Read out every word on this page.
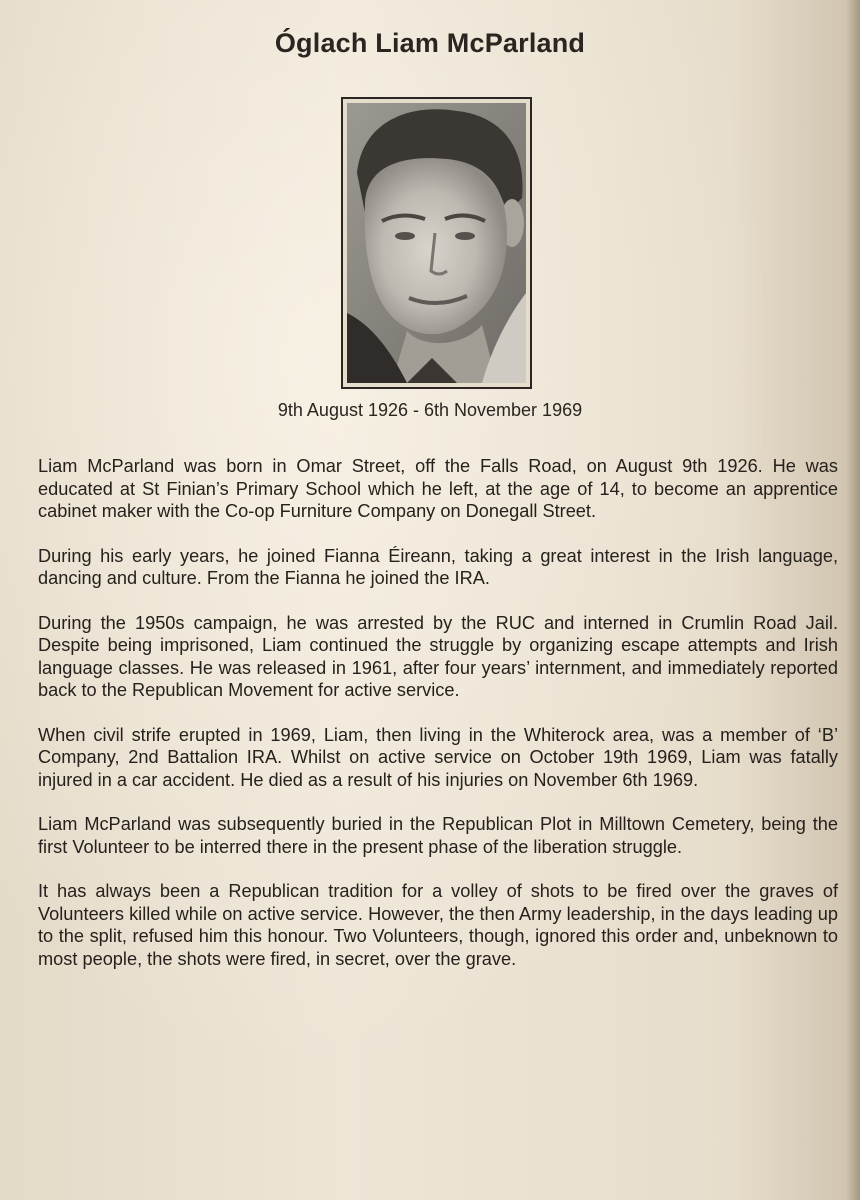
Óglach Liam McParland
9th August 1926 - 6th November 1969

Liam McParland was born in Omar Street, off the Falls Road, on August 9th 1926. He was educated at St Finian’s Primary School which he left, at the age of 14, to become an apprentice cabinet maker with the Co-op Furniture Company on Donegall Street.

During his early years, he joined Fianna Éireann, taking a great interest in the Irish language, dancing and culture. From the Fianna he joined the IRA.

During the 1950s campaign, he was arrested by the RUC and interned in Crumlin Road Jail. Despite being imprisoned, Liam continued the struggle by organizing escape attempts and Irish language classes. He was released in 1961, after four years’ internment, and immediately reported back to the Republican Movement for active service.

When civil strife erupted in 1969, Liam, then living in the Whiterock area, was a member of ‘B’ Company, 2nd Battalion IRA. Whilst on active service on October 19th 1969, Liam was fatally injured in a car accident. He died as a result of his injuries on November 6th 1969.

Liam McParland was subsequently buried in the Republican Plot in Milltown Cemetery, being the first Volunteer to be interred there in the present phase of the liberation struggle.

It has always been a Republican tradition for a volley of shots to be fired over the graves of Volunteers killed while on active service. However, the then Army leadership, in the days leading up to the split, refused him this honour. Two Volunteers, though, ignored this order and, unbeknown to most people, the shots were fired, in secret, over the grave.
